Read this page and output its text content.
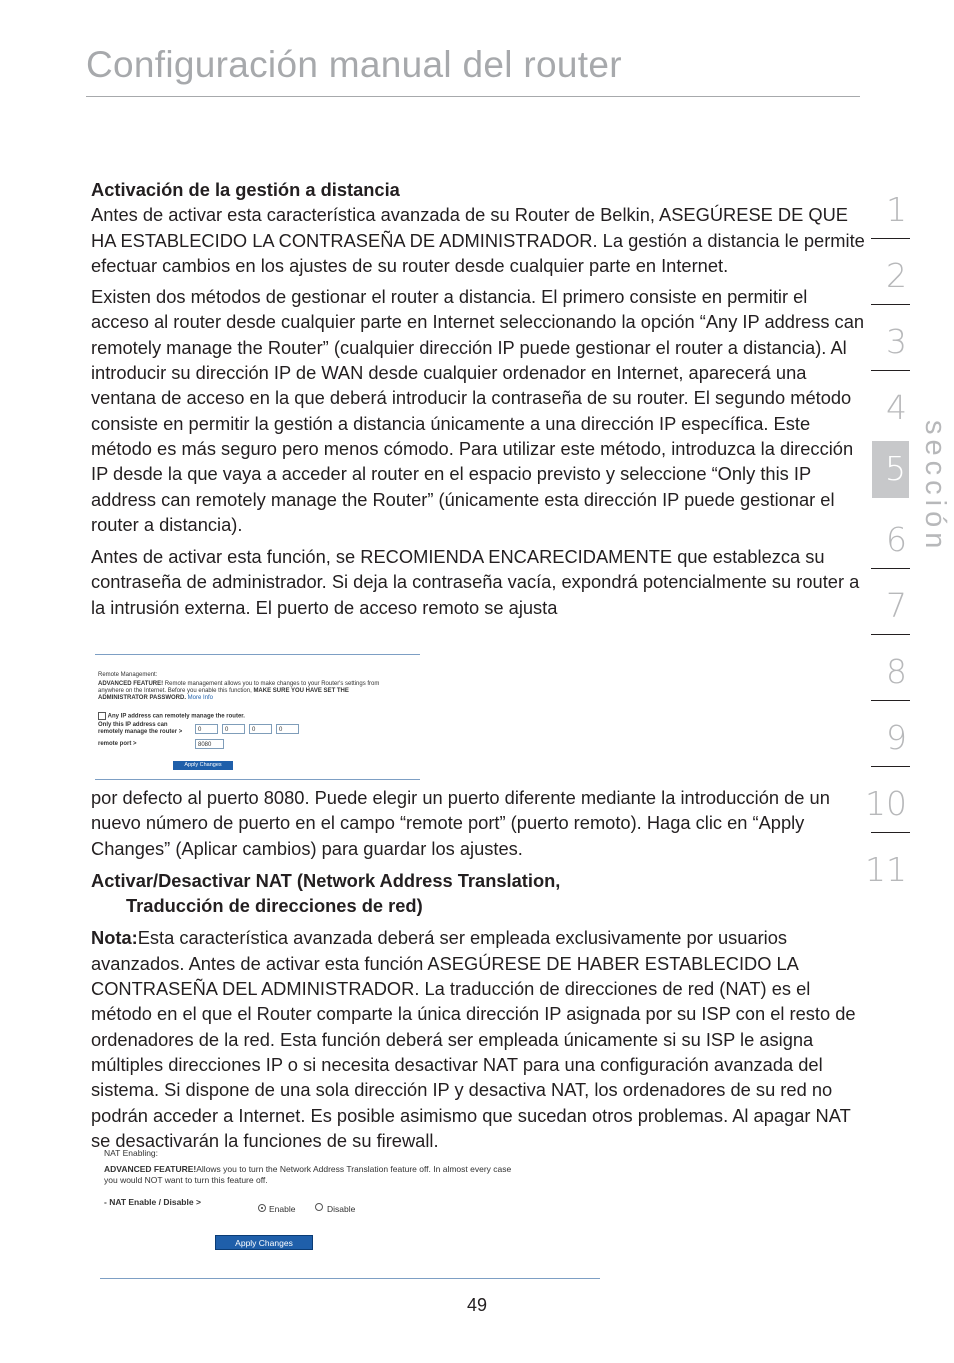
Configuración manual del router

Activación de la gestión a distancia

Antes de activar esta característica avanzada de su Router de Belkin, ASEGÚRESE DE QUE HA ESTABLECIDO LA CONTRASEÑA DE ADMINISTRADOR. La gestión a distancia le permite efectuar cambios en los ajustes de su router desde cualquier parte en Internet.

Existen dos métodos de gestionar el router a distancia. El primero consiste en permitir el acceso al router desde cualquier parte en Internet seleccionando la opción “Any IP address can remotely manage the Router” (cualquier dirección IP puede gestionar el router a distancia). Al introducir su dirección IP de WAN desde cualquier ordenador en Internet, aparecerá una ventana de acceso en la que deberá introducir la contraseña de su router. El segundo método consiste en permitir la gestión a distancia únicamente a una dirección IP específica. Este método es más seguro pero menos cómodo. Para utilizar este método, introduzca la dirección IP desde la que vaya a acceder al router en el espacio previsto y seleccione “Only this IP address can remotely manage the Router” (únicamente esta dirección IP puede gestionar el router a distancia).

Antes de activar esta función, se RECOMIENDA ENCARECIDAMENTE que establezca su contraseña de administrador. Si deja la contraseña vacía, expondrá potencialmente su router a la intrusión externa. El puerto de acceso remoto se ajusta

Remote Management:
ADVANCED FEATURE! Remote management allows you to make changes to your Router's settings from
anywhere on the Internet. Before you enable this function, MAKE SURE YOU HAVE SET THE
ADMINISTRATOR PASSWORD. More Info
Any IP address can remotely manage the router.
Only this IP address can
remotely manage the router >	0	0	0	0
remote port >	8080
Apply Changes

por defecto al puerto 8080. Puede elegir un puerto diferente mediante la introducción de un nuevo número de puerto en el campo “remote port” (puerto remoto). Haga clic en “Apply Changes” (Aplicar cambios) para guardar los ajustes.

Activar/Desactivar NAT (Network Address Translation,

Traducción de direcciones de red)

Nota:Esta característica avanzada deberá ser empleada exclusivamente por usuarios avanzados. Antes de activar esta función ASEGÚRESE DE HABER ESTABLECIDO LA CONTRASEÑA DEL ADMINISTRADOR. La traducción de direcciones de red (NAT) es el método en el que el Router comparte la única dirección IP asignada por su ISP con el resto de ordenadores de la red. Esta función deberá ser empleada únicamente si su ISP le asigna múltiples direcciones IP o si necesita desactivar NAT para una configuración avanzada del sistema. Si dispone de una sola dirección IP y desactiva NAT, los ordenadores de su red no podrán acceder a Internet. Es posible asimismo que sucedan otros problemas. Al apagar NAT se desactivarán la funciones de su firewall.

NAT Enabling:
ADVANCED FEATURE!Allows you to turn the Network Address Translation feature off. In almost every case
you would NOT want to turn this feature off.
- NAT Enable / Disable >
Enable	Disable
Apply Changes
1
2
3
4
5
6
7
8
9
10
11
sección
49
